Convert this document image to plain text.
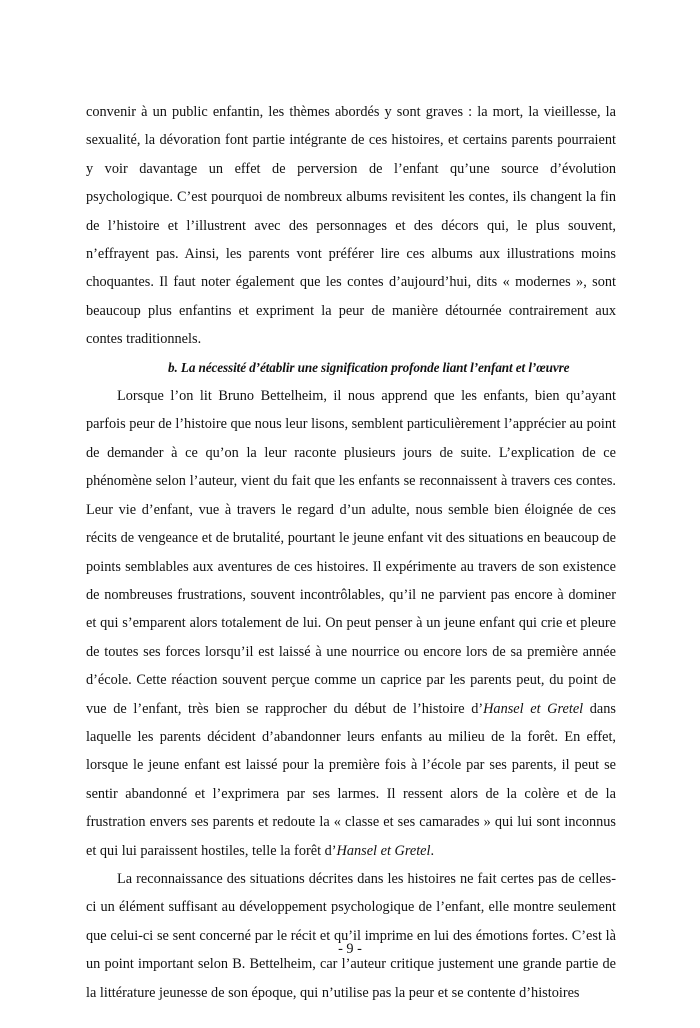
convenir à un public enfantin, les thèmes abordés y sont graves : la mort, la vieillesse, la sexualité, la dévoration font partie intégrante de ces histoires, et certains parents pourraient y voir davantage un effet de perversion de l’enfant qu’une source d’évolution psychologique. C’est pourquoi de nombreux albums revisitent les contes, ils changent la fin de l’histoire et l’illustrent avec des personnages et des décors qui, le plus souvent, n’effrayent pas. Ainsi, les parents vont préférer lire ces albums aux illustrations moins choquantes. Il faut noter également que les contes d’aujourd’hui, dits « modernes », sont beaucoup plus enfantins et expriment la peur de manière détournée contrairement aux contes traditionnels.

b. La nécessité d’établir une signification profonde liant l’enfant et l’œuvre

Lorsque l’on lit Bruno Bettelheim, il nous apprend que les enfants, bien qu’ayant parfois peur de l’histoire que nous leur lisons, semblent particulièrement l’apprécier au point de demander à ce qu’on la leur raconte plusieurs jours de suite. L’explication de ce phénomène selon l’auteur, vient du fait que les enfants se reconnaissent à travers ces contes. Leur vie d’enfant, vue à travers le regard d’un adulte, nous semble bien éloignée de ces récits de vengeance et de brutalité, pourtant le jeune enfant vit des situations en beaucoup de points semblables aux aventures de ces histoires. Il expérimente au travers de son existence de nombreuses frustrations, souvent incontrôlables, qu’il ne parvient pas encore à dominer et qui s’emparent alors totalement de lui. On peut penser à un jeune enfant qui crie et pleure de toutes ses forces lorsqu’il est laissé à une nourrice ou encore lors de sa première année d’école. Cette réaction souvent perçue comme un caprice par les parents peut, du point de vue de l’enfant, très bien se rapprocher du début de l’histoire d’Hansel et Gretel dans laquelle les parents décident d’abandonner leurs enfants au milieu de la forêt. En effet, lorsque le jeune enfant est laissé pour la première fois à l’école par ses parents, il peut se sentir abandonné et l’exprimera par ses larmes. Il ressent alors de la colère et de la frustration envers ses parents et redoute la « classe et ses camarades » qui lui sont inconnus et qui lui paraissent hostiles, telle la forêt d’Hansel et Gretel.

La reconnaissance des situations décrites dans les histoires ne fait certes pas de celles-ci un élément suffisant au développement psychologique de l’enfant, elle montre seulement que celui-ci se sent concerné par le récit et qu’il imprime en lui des émotions fortes. C’est là un point important selon B. Bettelheim, car l’auteur critique justement une grande partie de la littérature jeunesse de son époque, qui n’utilise pas la peur et se contente d’histoires

- 9 -
